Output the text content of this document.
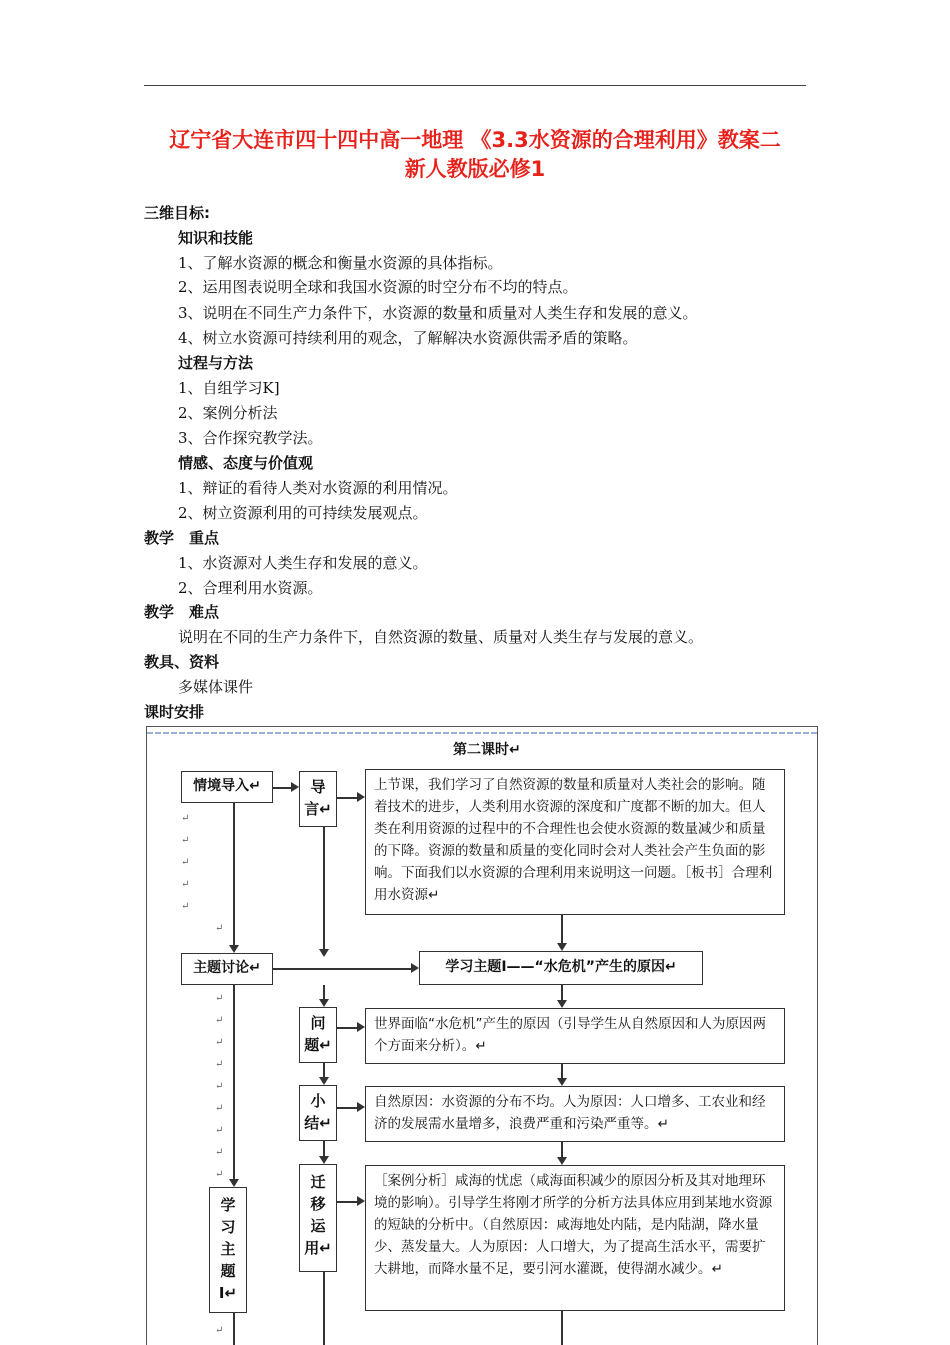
辽宁省大连市四十四中高一地理 《3.3水资源的合理利用》教案二
新人教版必修1
三维目标:
知识和技能
1、了解水资源的概念和衡量水资源的具体指标。
2、运用图表说明全球和我国水资源的时空分布不均的特点。
3、说明在不同生产力条件下，水资源的数量和质量对人类生存和发展的意义。
4、树立水资源可持续利用的观念，了解解决水资源供需矛盾的策略。
过程与方法
1、自组学习K]
2、案例分析法
3、合作探究教学法。
情感、态度与价值观
1、辩证的看待人类对水资源的利用情况。
2、树立资源利用的可持续发展观点。
教学　重点
1、水资源对人类生存和发展的意义。
2、合理利用水资源。
教学　难点
说明在不同的生产力条件下，自然资源的数量、质量对人类生存与发展的意义。
教具、资料
多媒体课件
课时安排
第二课时↵
情境导入↵
主题讨论↵
学
习
主
题
Ⅰ↵
导
言↵
问
题↵
小
结↵
迁
移
运
用↵
上节课，我们学习了自然资源的数量和质量对人类社会的影响。随着技术的进步，人类利用水资源的深度和广度都不断的加大。但人类在利用资源的过程中的不合理性也会使水资源的数量减少和质量的下降。资源的数量和质量的变化同时会对人类社会产生负面的影响。下面我们以水资源的合理利用来说明这一问题。［板书］合理利用水资源↵
学习主题Ⅰ——“水危机”产生的原因↵
世界面临“水危机”产生的原因（引导学生从自然原因和人为原因两个方面来分析）。↵
自然原因：水资源的分布不均。人为原因：人口增多、工农业和经济的发展需水量增多，浪费严重和污染严重等。↵
［案例分析］咸海的忧虑（咸海面积减少的原因分析及其对地理环境的影响）。引导学生将刚才所学的分析方法具体应用到某地水资源的短缺的分析中。（自然原因：咸海地处内陆，是内陆湖，降水量少、蒸发量大。人为原因：人口增大，为了提高生活水平，需要扩大耕地，而降水量不足，要引河水灌溉，使得湖水减少。↵
↵
↵
↵
↵
↵
↵
↵
↵
↵
↵
↵
↵
↵
↵
↵
↵
